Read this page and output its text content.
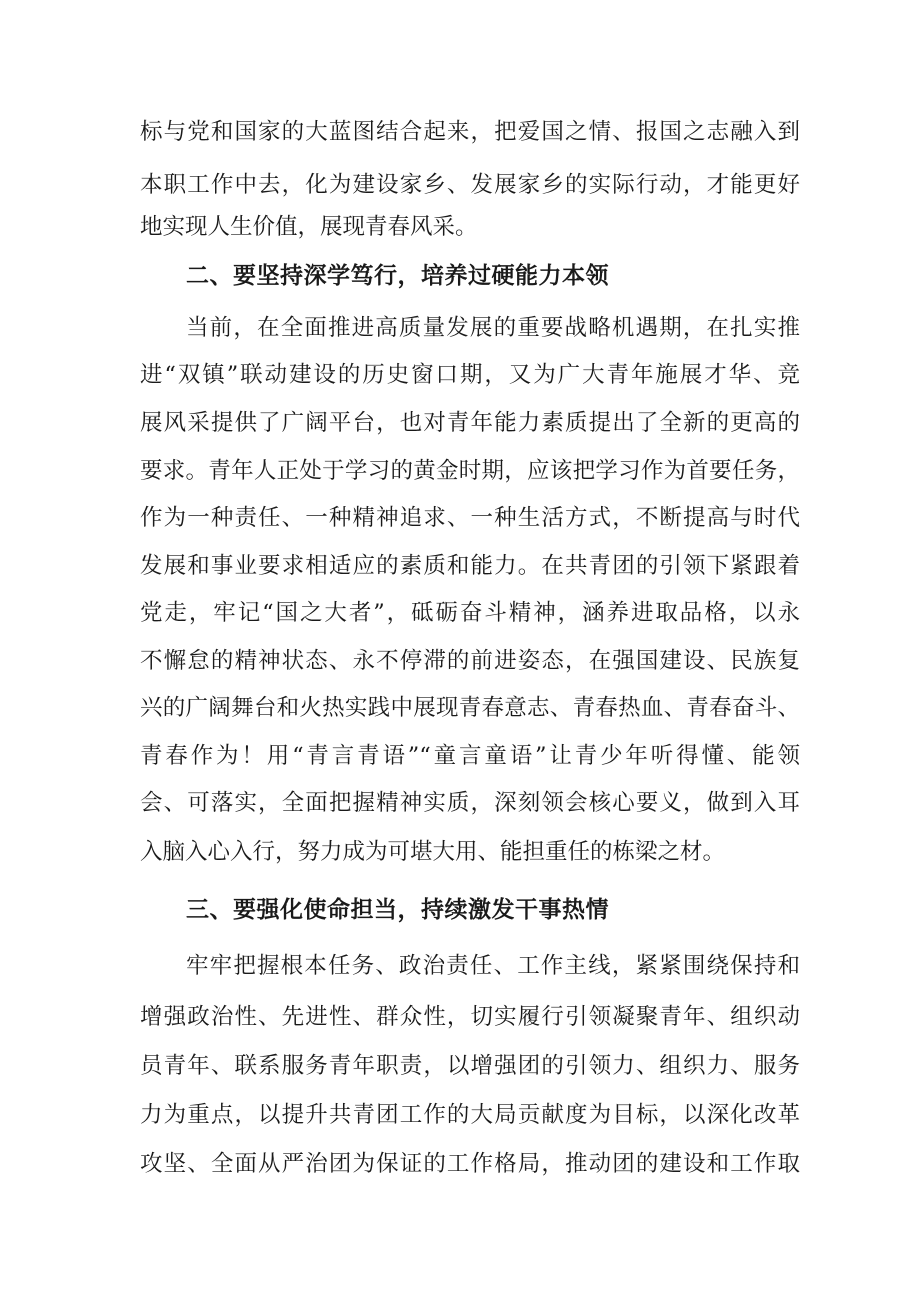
标与党和国家的大蓝图结合起来，把爱国之情、报国之志融入到
本职工作中去，化为建设家乡、发展家乡的实际行动，才能更好
地实现人生价值，展现青春风采。
二、要坚持深学笃行，培养过硬能力本领
当前，在全面推进高质量发展的重要战略机遇期，在扎实推
进“双镇”联动建设的历史窗口期，又为广大青年施展才华、竞
展风采提供了广阔平台，也对青年能力素质提出了全新的更高的
要求。青年人正处于学习的黄金时期，应该把学习作为首要任务，
作为一种责任、一种精神追求、一种生活方式，不断提高与时代
发展和事业要求相适应的素质和能力。在共青团的引领下紧跟着
党走，牢记“国之大者”，砥砺奋斗精神，涵养进取品格，以永
不懈怠的精神状态、永不停滞的前进姿态，在强国建设、民族复
兴的广阔舞台和火热实践中展现青春意志、青春热血、青春奋斗、
青春作为！用“青言青语”“童言童语”让青少年听得懂、能领
会、可落实，全面把握精神实质，深刻领会核心要义，做到入耳
入脑入心入行，努力成为可堪大用、能担重任的栋梁之材。
三、要强化使命担当，持续激发干事热情
牢牢把握根本任务、政治责任、工作主线，紧紧围绕保持和
增强政治性、先进性、群众性，切实履行引领凝聚青年、组织动
员青年、联系服务青年职责，以增强团的引领力、组织力、服务
力为重点，以提升共青团工作的大局贡献度为目标，以深化改革
攻坚、全面从严治团为保证的工作格局，推动团的建设和工作取
